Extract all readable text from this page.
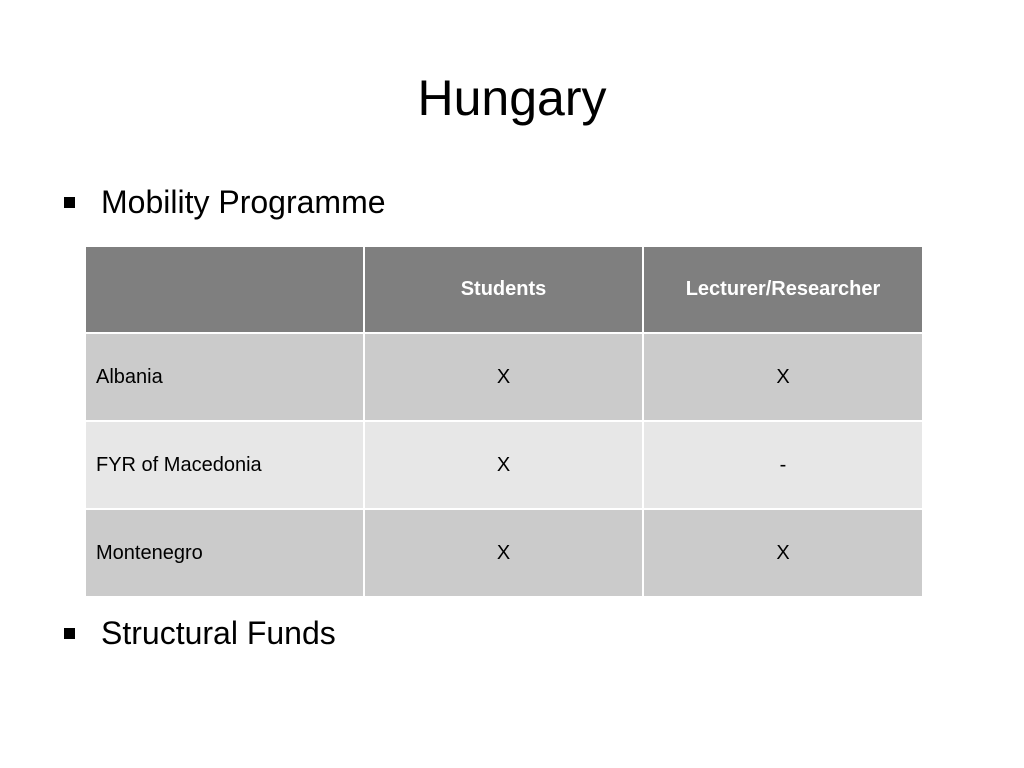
Hungary
Mobility Programme
	Students	Lecturer/Researcher
Albania	X	X
FYR of Macedonia	X	-
Montenegro	X	X
Structural Funds
